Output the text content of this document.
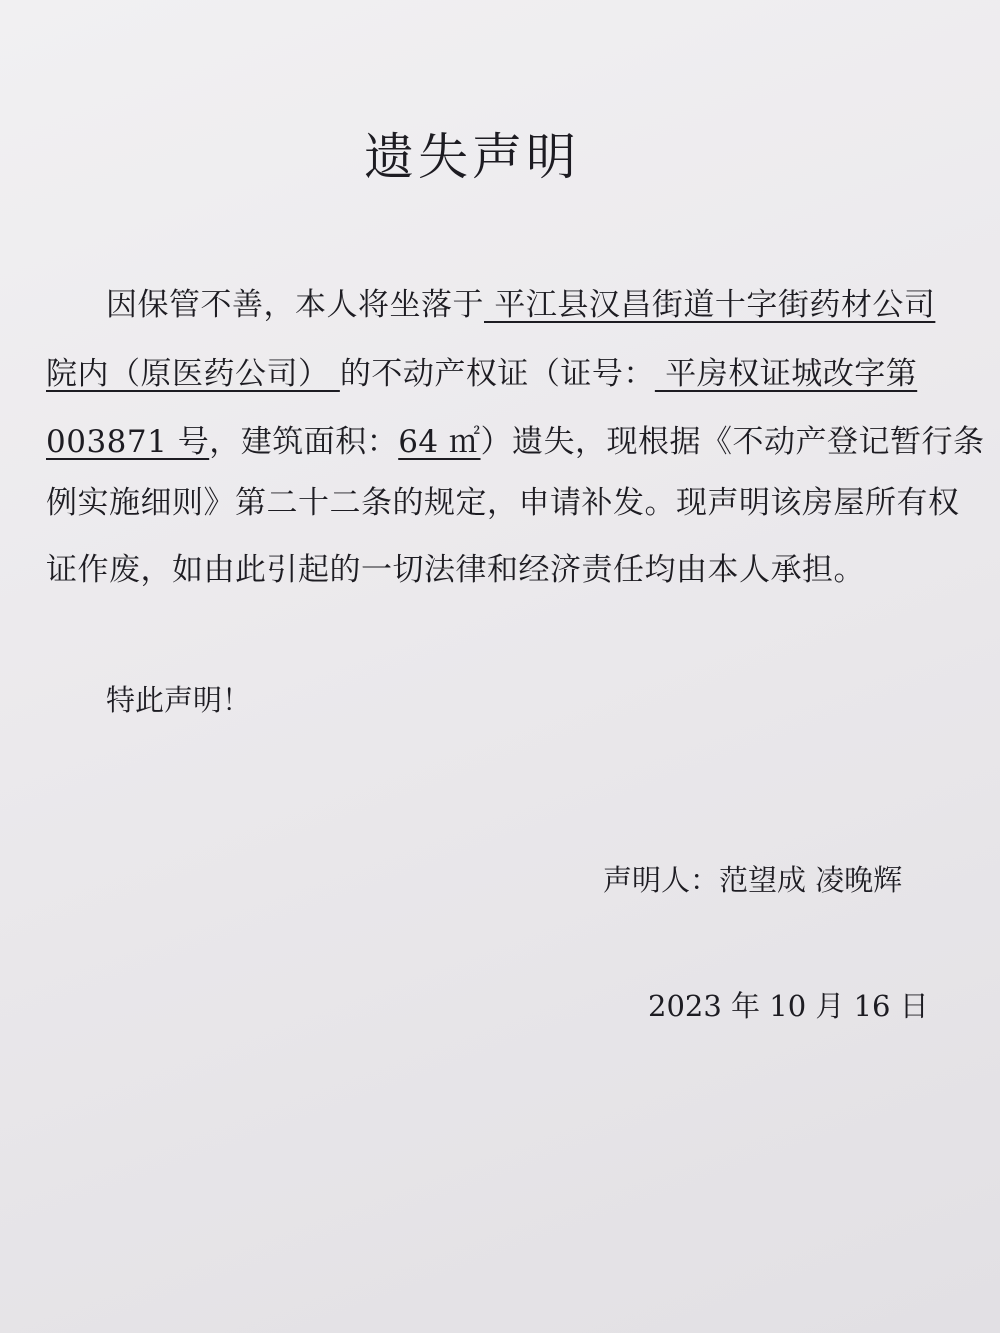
遗失声明
因保管不善，本人将坐落于 平江县汉昌街道十字街药材公司
院内（原医药公司） 的不动产权证（证号： 平房权证城改字第
003871 号，建筑面积：64 ㎡）遗失，现根据《不动产登记暂行条
例实施细则》第二十二条的规定，申请补发。现声明该房屋所有权
证作废，如由此引起的一切法律和经济责任均由本人承担。
特此声明！
声明人：范望成 凌晚辉
2023 年 10 月 16 日
